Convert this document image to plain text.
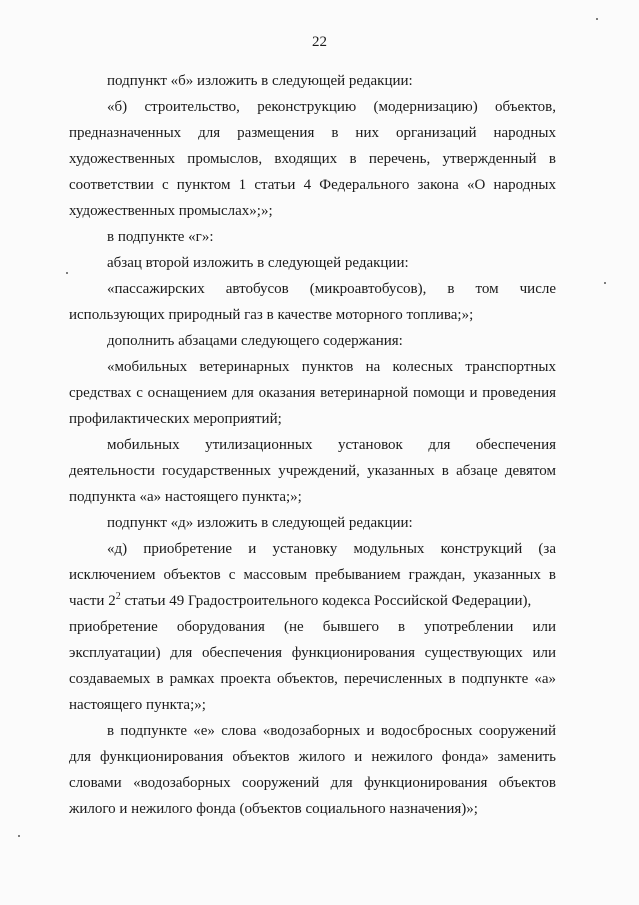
22
подпункт «б» изложить в следующей редакции:
«б) строительство, реконструкцию (модернизацию) объектов,
предназначенных для размещения в них организаций народных
художественных промыслов, входящих в перечень, утвержденный в
соответствии с пунктом 1 статьи 4 Федерального закона «О народных
художественных промыслах»;»;
в подпункте «г»:
абзац второй изложить в следующей редакции:
«пассажирских автобусов (микроавтобусов), в том числе
использующих природный газ в качестве моторного топлива;»;
дополнить абзацами следующего содержания:
«мобильных ветеринарных пунктов на колесных транспортных
средствах с оснащением для оказания ветеринарной помощи и проведения
профилактических мероприятий;
мобильных утилизационных установок для обеспечения
деятельности государственных учреждений, указанных в абзаце девятом
подпункта «а» настоящего пункта;»;
подпункт «д» изложить в следующей редакции:
«д) приобретение и установку модульных конструкций (за
исключением объектов с массовым пребыванием граждан, указанных в
части $2^2$ статьи 49 Градостроительного кодекса Российской Федерации),
приобретение оборудования (не бывшего в употреблении или
эксплуатации) для обеспечения функционирования существующих или
создаваемых в рамках проекта объектов, перечисленных в подпункте «а»
настоящего пункта;»;
в подпункте «е» слова «водозаборных и водосбросных сооружений
для функционирования объектов жилого и нежилого фонда» заменить
словами «водозаборных сооружений для функционирования объектов
жилого и нежилого фонда (объектов социального назначения)»;
